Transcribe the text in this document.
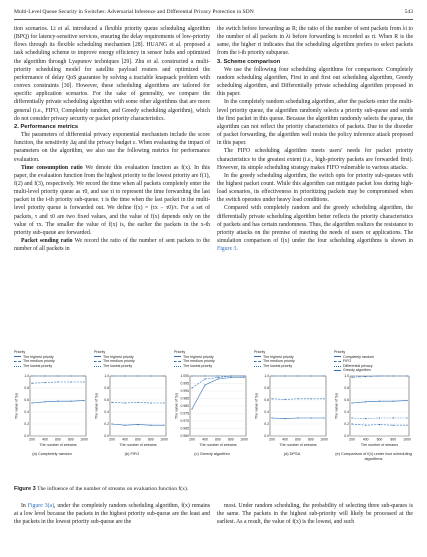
Multi-Level Queue Security in Switches: Adversarial Inference and Differential Privacy Protection in SDN	543

tion scenarios. Li et al. introduced a flexible priority queue scheduling algorithm (BPQ) for latency-sensitive services, ensuring the delay requirements of low-priority flows through its flexible scheduling mechanism [28]. HUANG et al. proposed a task scheduling scheme to improve energy efficiency in sensor hubs and optimized the algorithm through Lyapunov techniques [29]. Zhu et al. constructed a multi-priority scheduling model for satellite payload routers and optimized the performance of delay QoS guarantee by solving a tractable knapsack problem with convex constraints [30]. However, these scheduling algorithms are tailored for specific application scenarios. For the sake of generality, we compare the differentially private scheduling algorithm with some other algorithms that are more general (i.e., FIFO, Completely random, and Greedy scheduling algorithm), which do not consider privacy security or packet priority characteristics.

2. Performance metrics

The parameters of differential privacy exponential mechanism include the score function, the sensitivity Δq and the privacy budget ε. When evaluating the impact of parameters on the algorithm, we also use the following metrics for performance evaluation.

Time consumption ratio We denote this evaluation function as f(x). In this paper, the evaluation function from the highest priority to the lowest priority are f(1), f(2) and f(3), respectively. We record the time when all packets completely enter the multi-level priority queue as τ0, and use τi to represent the time forwarding the last packet in the i-th priority sub-queue. τ is the time when the last packet in the multi-level priority queue is forwarded out. We define f(x) = (τx − τ0)/τ. For a set of packets, τ and τ0 are two fixed values, and the value of f(x) depends only on the value of τx. The smaller the value of f(x) is, the earlier the packets in the x-th priority sub-queue are forwarded.

Packet sending ratio We record the ratio of the number of sent packets to the number of all packets in

the switch before forwarding as R; the ratio of the number of sent packets from λi to the number of all packets in λi before forwarding is recorded as ri. When R is the same, the higher ri indicates that the scheduling algorithm prefers to select packets from the i-th priority subqueue.

3. Scheme comparison

We use the following four scheduling algorithms for comparison: Completely random scheduling algorithm, First in and first out scheduling algorithm, Greedy scheduling algorithm, and Differentially private scheduling algorithm proposed in this paper.

In the completely random scheduling algorithm, after the packets enter the multi-level priority queue, the algorithm randomly selects a priority sub-queue and sends the first packet in this queue. Because the algorithm randomly selects the queue, the algorithm can not reflect the priority characteristics of packets. Due to the disorder of packet forwarding, the algorithm well resists the policy inference attack proposed in this paper.

The FIFO scheduling algorithm meets users' needs for packet priority characteristics to the greatest extent (i.e., high-priority packets are forwarded first). However, its simple scheduling strategy makes FIFO vulnerable to various attacks.

In the greedy scheduling algorithm, the switch opts for priority sub-queues with the highest packet count. While this algorithm can mitigate packet loss during high-load scenarios, its effectiveness in prioritizing packets may be compromised when the switch operates under heavy load conditions.

Compared with completely random and the greedy scheduling algorithm, the differentially private scheduling algorithm better reflects the priority characteristics of packets and has certain randomness. Thus, the algorithm realizes the resistance to priority attacks on the premise of meeting the needs of users or applications. The simulation comparison of f(x) under the four scheduling algorithms is shown in Figure 3.

Priority
The highest priority
The medium priority
The lowest priority
0.0
0.2
0.4
0.6
0.8
1.0
200 400 600 800 1000
The number of streams
The value of f(x)
(a) Completely random
Priority
The highest priority
The medium priority
The lowest priority
0.0
0.2
0.4
0.6
0.8
1.0
200 400 600 800 1000
The number of streams
The value of f(x)
(b) FIFO
Priority
The highest priority
The medium priority
The lowest priority
0.960
0.965
0.970
0.975
0.980
0.985
0.990
0.995
1.000
200 400 600 800 1000
The number of streams
The value of f(x)
(c) Greedy algorithm
Priority
The highest priority
The medium priority
The lowest priority
0.0
0.2
0.4
0.6
0.8
1.0
200 400 600 800 1000
The number of streams
The value of f(x)
(d) DPSA
Priority
Completely random
FIFO
Differential privacy
Greedy algorithm
0.0
0.2
0.4
0.6
0.8
1.0
200 400 600 800 1000
The number of streams
The value of f(x)
(e) Comparison of f(1) under four scheduling algorithms
Figure 3 The influence of the number of streams on evaluation function f(x).

In Figure 3(a), under the completely random scheduling algorithm, f(x) remains at a low level because the packets in the highest priority sub-queue are the least and the packets in the lowest priority sub-queue are the

most. Under random scheduling, the probability of selecting three sub-queues is the same. The packets in the highest sub-priority will likely be processed at the earliest. As a result, the value of f(x) is the lowest, and such
